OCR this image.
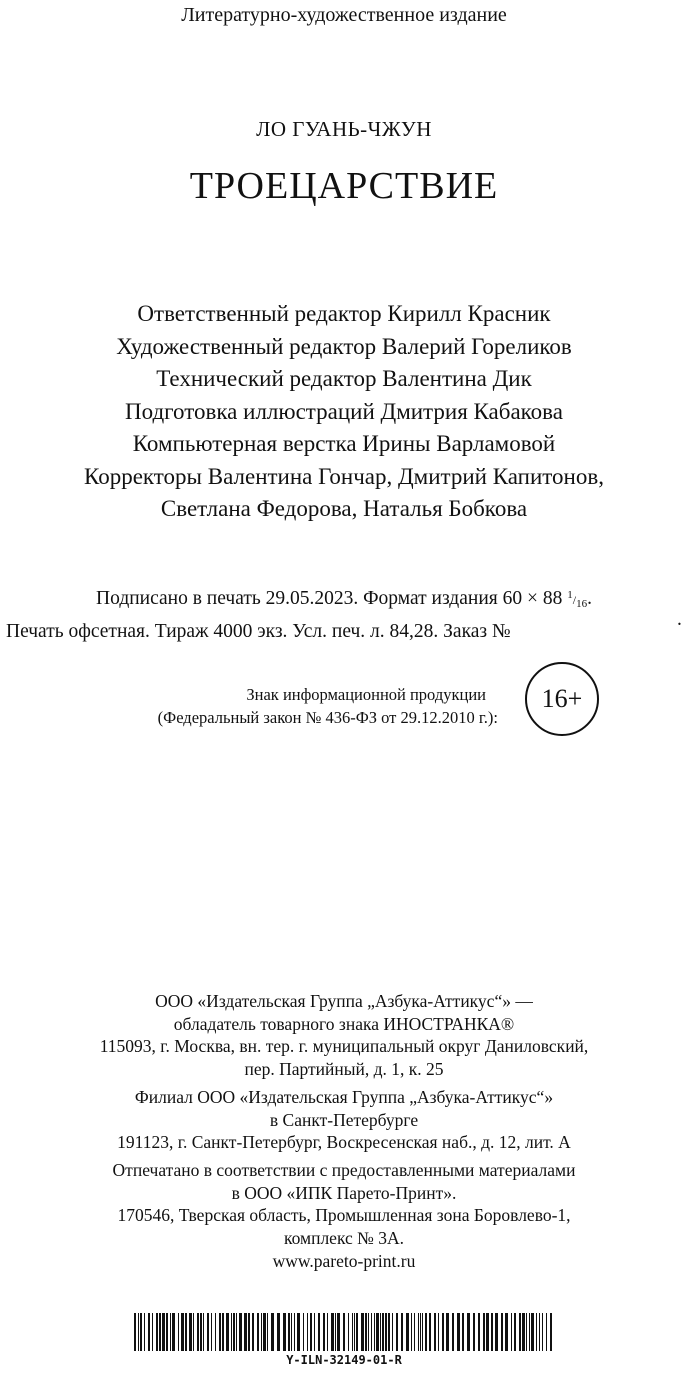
Литературно-художественное издание
ЛО ГУАНЬ-ЧЖУН
ТРОЕЦАРСТВИЕ
Ответственный редактор Кирилл Красник
Художественный редактор Валерий Гореликов
Технический редактор Валентина Дик
Подготовка иллюстраций Дмитрия Кабакова
Компьютерная верстка Ирины Варламовой
Корректоры Валентина Гончар, Дмитрий Капитонов,
Светлана Федорова, Наталья Бобкова
Подписано в печать 29.05.2023. Формат издания 60 × 88 $^1/_{16}$.
Печать офсетная. Тираж 4000 экз. Усл. печ. л. 84,28. Заказ №
.
Знак информационной продукции
(Федеральный закон № 436-ФЗ от 29.12.2010 г.):
16+
ООО «Издательская Группа „Азбука-Аттикус“» —
обладатель товарного знака ИНОСТРАНКА®
115093, г. Москва, вн. тер. г. муниципальный округ Даниловский,
пер. Партийный, д. 1, к. 25
Филиал ООО «Издательская Группа „Азбука-Аттикус“»
в Санкт-Петербурге
191123, г. Санкт-Петербург, Воскресенская наб., д. 12, лит. А
Отпечатано в соответствии с предоставленными материалами
в ООО «ИПК Парето-Принт».
170546, Тверская область, Промышленная зона Боровлево-1,
комплекс № 3А.
www.pareto-print.ru
Y-ILN-32149-01-R
